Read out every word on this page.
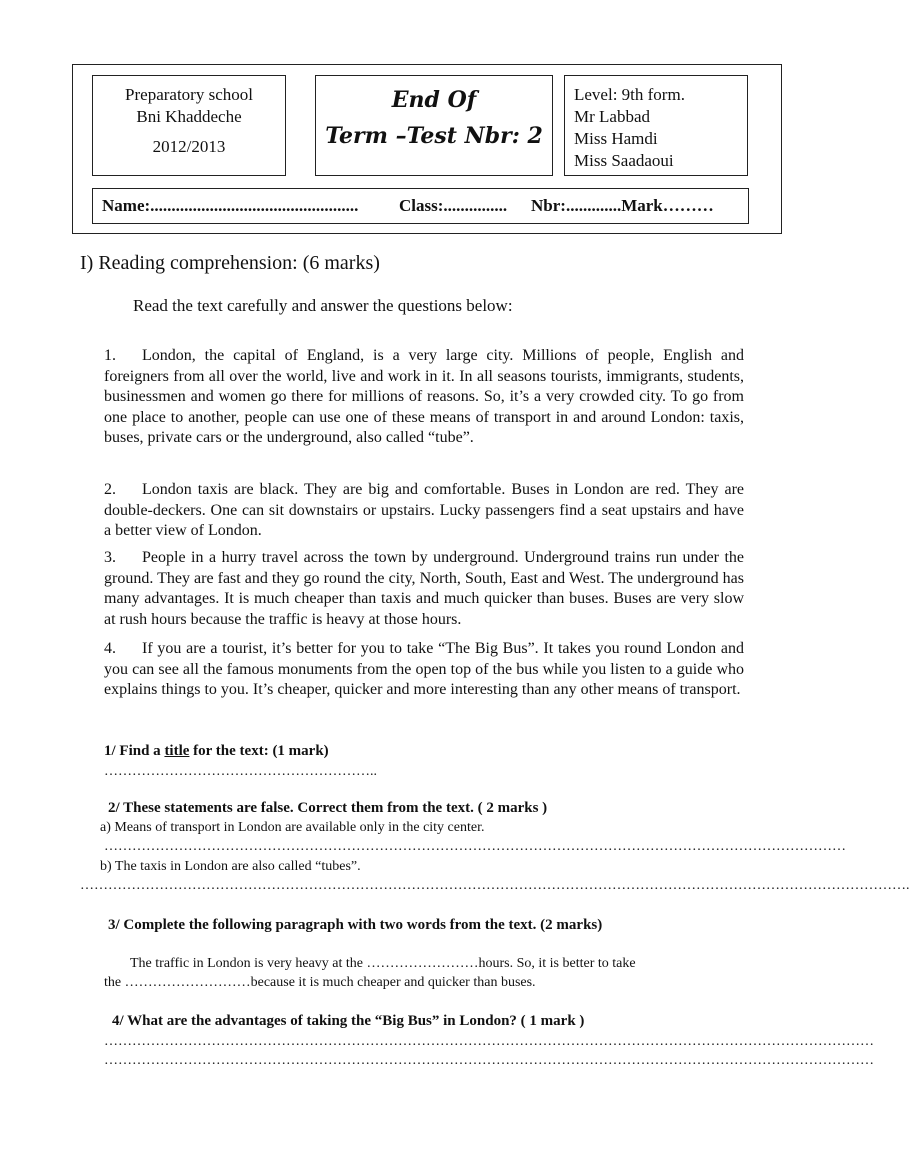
Preparatory school
Bni Khaddeche
2012/2013
End Of
Term –Test Nbr: 2
Level: 9th form.
Mr Labbad
Miss Hamdi
Miss Saadaoui
Name:................................................. Class:............... Nbr:.............Mark………
I) Reading comprehension: (6 marks)
Read the text carefully and answer the questions below:
1. London, the capital of England, is a very large city. Millions of people, English and foreigners from all over the world, live and work in it. In all seasons tourists, immigrants, students, businessmen and women go there for millions of reasons. So, it’s a very crowded city. To go from one place to another, people can use one of these means of transport in and around London: taxis, buses, private cars or the underground, also called “tube”.
2. London taxis are black. They are big and comfortable. Buses in London are red. They are double-deckers. One can sit downstairs or upstairs. Lucky passengers find a seat upstairs and have a better view of London.
3. People in a hurry travel across the town by underground. Underground trains run under the ground. They are fast and they go round the city, North, South, East and West. The underground has many advantages. It is much cheaper than taxis and much quicker than buses. Buses are very slow at rush hours because the traffic is heavy at those hours.
4. If you are a tourist, it’s better for you to take “The Big Bus”. It takes you round London and you can see all the famous monuments from the open top of the bus while you listen to a guide who explains things to you. It’s cheaper, quicker and more interesting than any other means of transport.
1/ Find a title for the text: (1 mark)
…………………………………………………..
2/ These statements are false. Correct them from the text. ( 2 marks )
a) Means of transport in London are available only in the city center.
……………………………………………………………………………………………………………………………………………
b) The taxis in London are also called “tubes”.
…………………………………………………………………………………………………………………………………………………………….
3/ Complete the following paragraph with two words from the text. (2 marks)
The traffic in London is very heavy at the ……………………hours. So, it is better to take
the ………………………because it is much cheaper and quicker than buses.
4/ What are the advantages of taking the “Big Bus” in London? ( 1 mark )
…………………………………………………………………………………………………………………………………………………
…………………………………………………………………………………………………………………………………………………
